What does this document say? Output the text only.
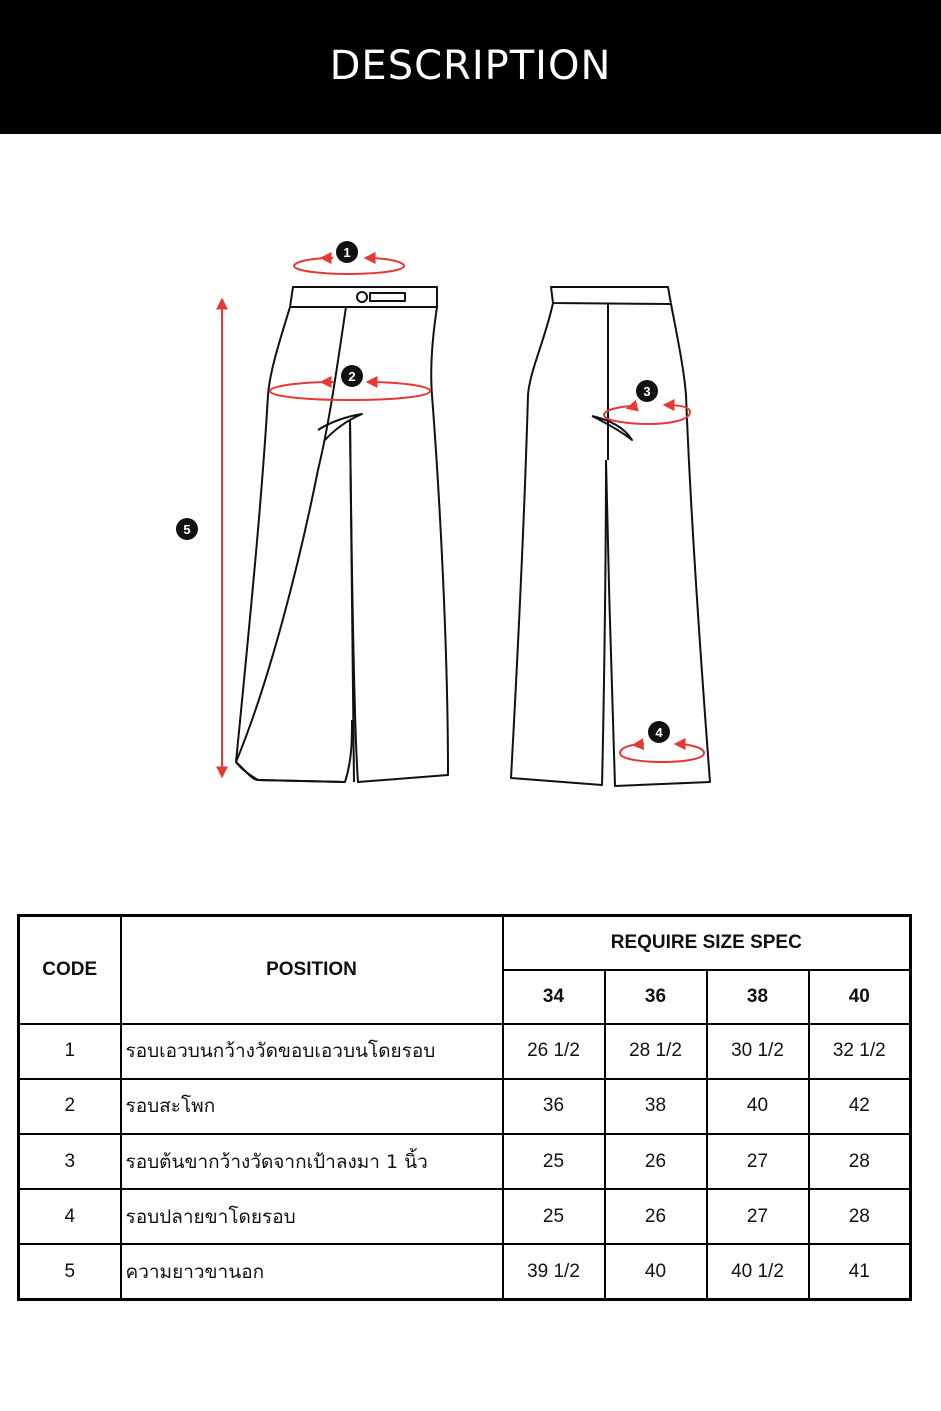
DESCRIPTION
1
2
3
4
5
CODE	POSITION	REQUIRE SIZE SPEC			
		34	36	38	40
1	รอบเอวบนกว้างวัดขอบเอวบนโดยรอบ	26 1/2	28 1/2	30 1/2	32 1/2
2	รอบสะโพก	36	38	40	42
3	รอบต้นขากว้างวัดจากเป้าลงมา 1 นิ้ว	25	26	27	28
4	รอบปลายขาโดยรอบ	25	26	27	28
5	ความยาวขานอก	39 1/2	40	40 1/2	41
